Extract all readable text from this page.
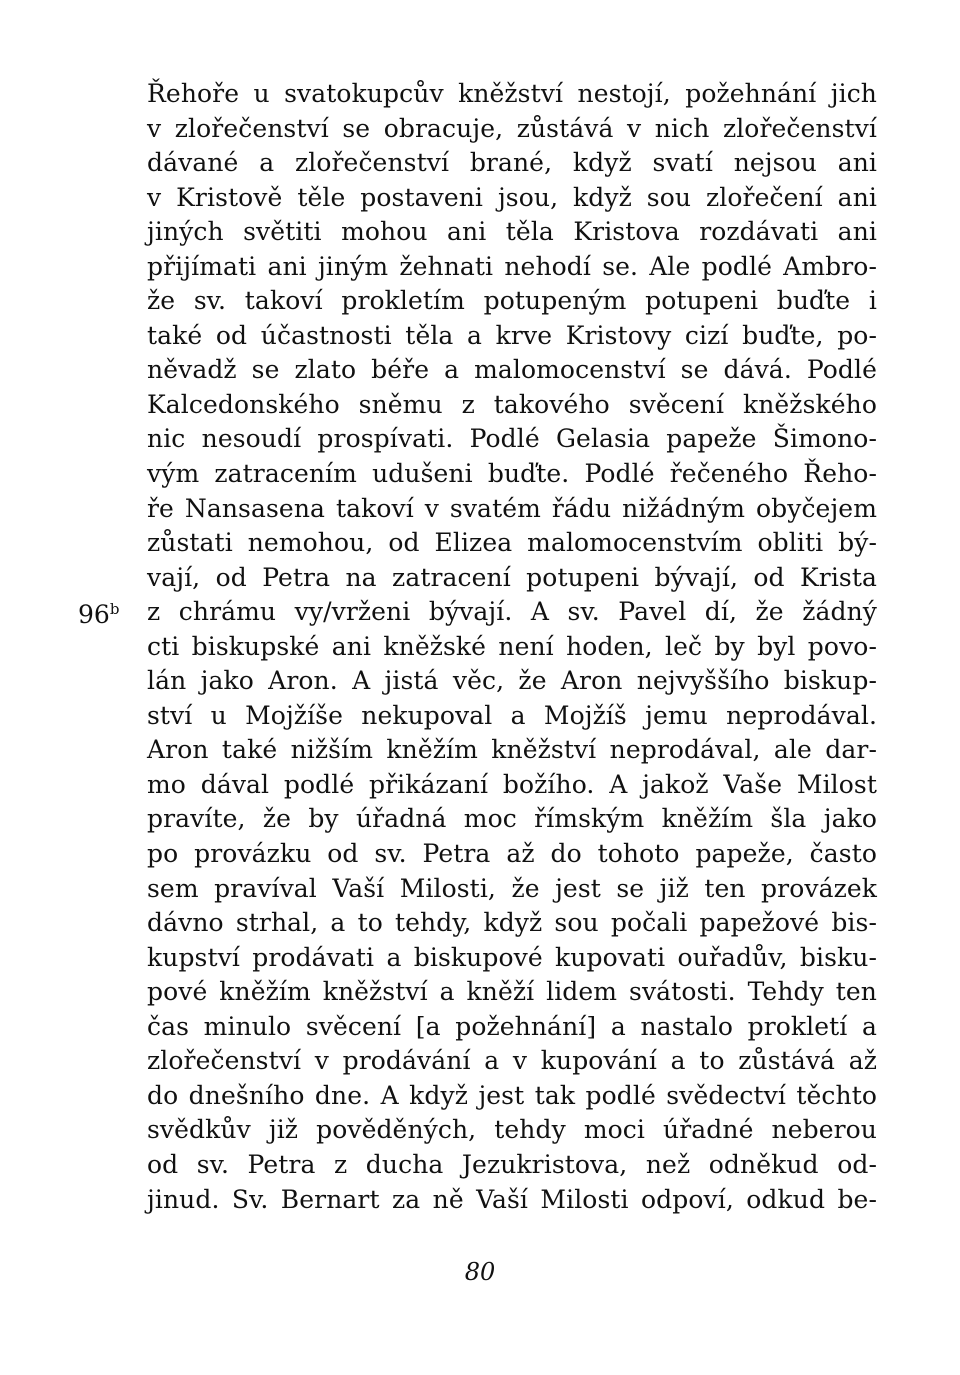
96$^b$
Řehoře u svatokupcův kněžství nestojí, požehnání jich
v zlořečenství se obracuje, zůstává v nich zlořečenství
dávané a zlořečenství brané, když svatí nejsou ani
v Kristově těle postaveni jsou, když sou zlořečení ani
jiných světiti mohou ani těla Kristova rozdávati ani
přijímati ani jiným žehnati nehodí se. Ale podlé Ambro-
že sv. takoví prokletím potupeným potupeni buďte i
také od účastnosti těla a krve Kristovy cizí buďte, po-
něvadž se zlato béře a malomocenství se dává. Podlé
Kalcedonského sněmu z takového svěcení kněžského
nic nesoudí prospívati. Podlé Gelasia papeže Šimono-
vým zatracením udušeni buďte. Podlé řečeného Řeho-
ře Nansasena takoví v svatém řádu nižádným obyčejem
zůstati nemohou, od Elizea malomocenstvím obliti bý-
vají, od Petra na zatracení potupeni bývají, od Krista
z chrámu vy/vrženi bývají. A sv. Pavel dí, že žádný
cti biskupské ani kněžské není hoden, leč by byl povo-
lán jako Aron. A jistá věc, že Aron nejvyššího biskup-
ství u Mojžíše nekupoval a Mojžíš jemu neprodával.
Aron také nižším kněžím kněžství neprodával, ale dar-
mo dával podlé přikázaní božího. A jakož Vaše Milost
pravíte, že by úřadná moc římským kněžím šla jako
po provázku od sv. Petra až do tohoto papeže, často
sem pravíval Vaší Milosti, že jest se již ten provázek
dávno strhal, a to tehdy, když sou počali papežové bis-
kupství prodávati a biskupové kupovati ouřadův, bisku-
pové kněžím kněžství a kněží lidem svátosti. Tehdy ten
čas minulo svěcení [a požehnání] a nastalo prokletí a
zlořečenství v prodávání a v kupování a to zůstává až
do dnešního dne. A když jest tak podlé svědectví těchto
svědkův již pověděných, tehdy moci úřadné neberou
od sv. Petra z ducha Jezukristova, než odněkud od-
jinud. Sv. Bernart za ně Vaší Milosti odpoví, odkud be-
80
